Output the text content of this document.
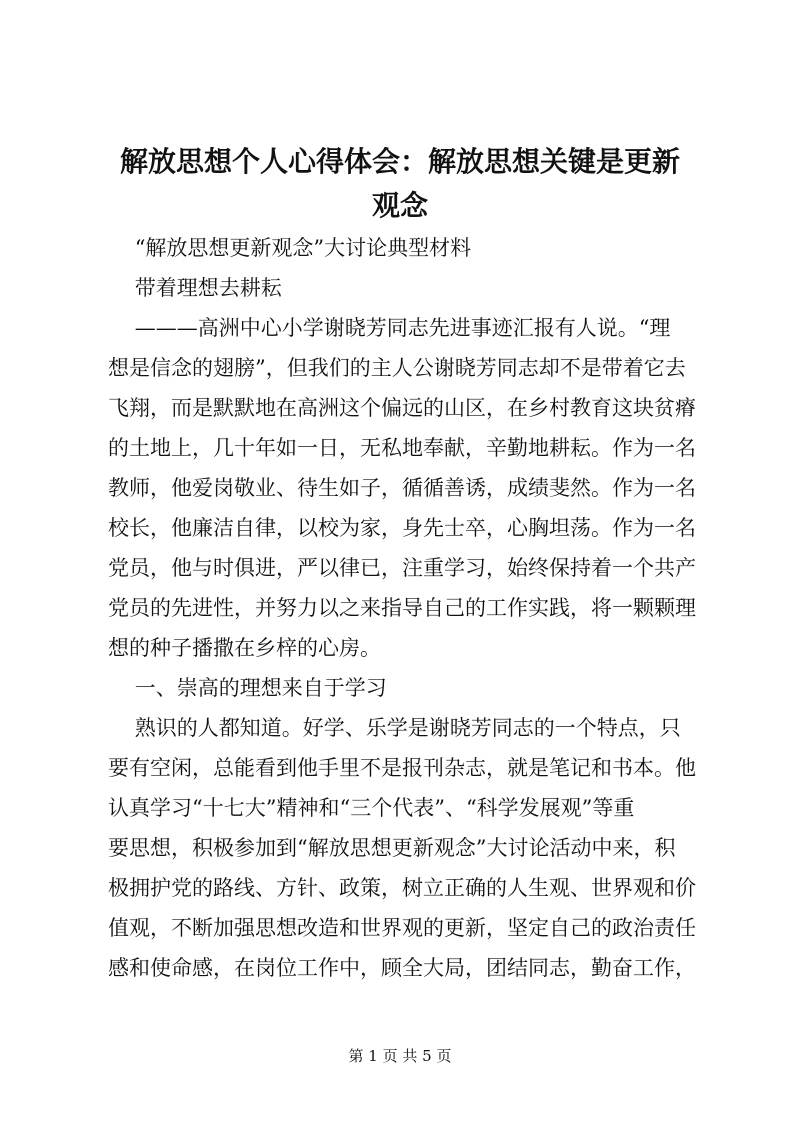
解放思想个人心得体会：解放思想关键是更新
观念

“解放思想更新观念”大讨论典型材料

带着理想去耕耘

———高洲中心小学谢晓芳同志先进事迹汇报有人说。“理

想是信念的翅膀”，但我们的主人公谢晓芳同志却不是带着它去

飞翔，而是默默地在高洲这个偏远的山区，在乡村教育这块贫瘠

的土地上，几十年如一日，无私地奉献，辛勤地耕耘。作为一名

教师，他爱岗敬业、待生如子，循循善诱，成绩斐然。作为一名

校长，他廉洁自律，以校为家，身先士卒，心胸坦荡。作为一名

党员，他与时俱进，严以律已，注重学习，始终保持着一个共产

党员的先进性，并努力以之来指导自己的工作实践，将一颗颗理

想的种子播撒在乡梓的心房。

一、崇高的理想来自于学习

熟识的人都知道。好学、乐学是谢晓芳同志的一个特点，只

要有空闲，总能看到他手里不是报刊杂志，就是笔记和书本。他

认真学习“十七大”精神和“三个代表”、“科学发展观”等重

要思想，积极参加到“解放思想更新观念”大讨论活动中来，积

极拥护党的路线、方针、政策，树立正确的人生观、世界观和价

值观，不断加强思想改造和世界观的更新，坚定自己的政治责任

感和使命感，在岗位工作中，顾全大局，团结同志，勤奋工作，

第 1 页 共 5 页
